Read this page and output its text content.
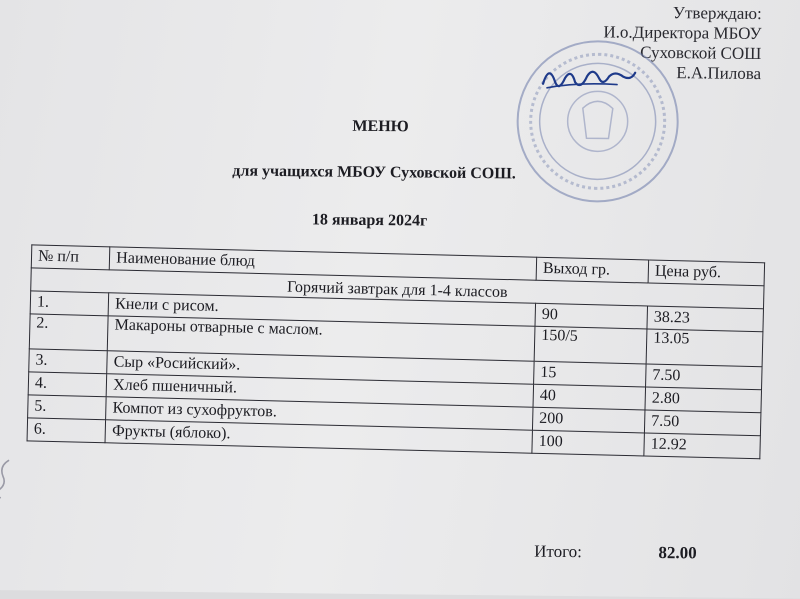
Утверждаю:
И.о.Директора МБОУ
Суховской СОШ
Е.А.Пилова
МЕНЮ
для учащихся МБОУ Суховской СОШ.
18 января 2024г
№ п/п	Наименование блюд	Выход гр.	Цена руб.
Горячий завтрак для 1-4 классов			
1.	Кнели с рисом.	90	38.23
2.	Макароны отварные с маслом.	150/5	13.05
3.	Сыр «Росийский».	15	7.50
4.	Хлеб пшеничный.	40	2.80
5.	Компот из сухофруктов.	200	7.50
6.	Фрукты (яблоко).	100	12.92
Итого:	82.00
